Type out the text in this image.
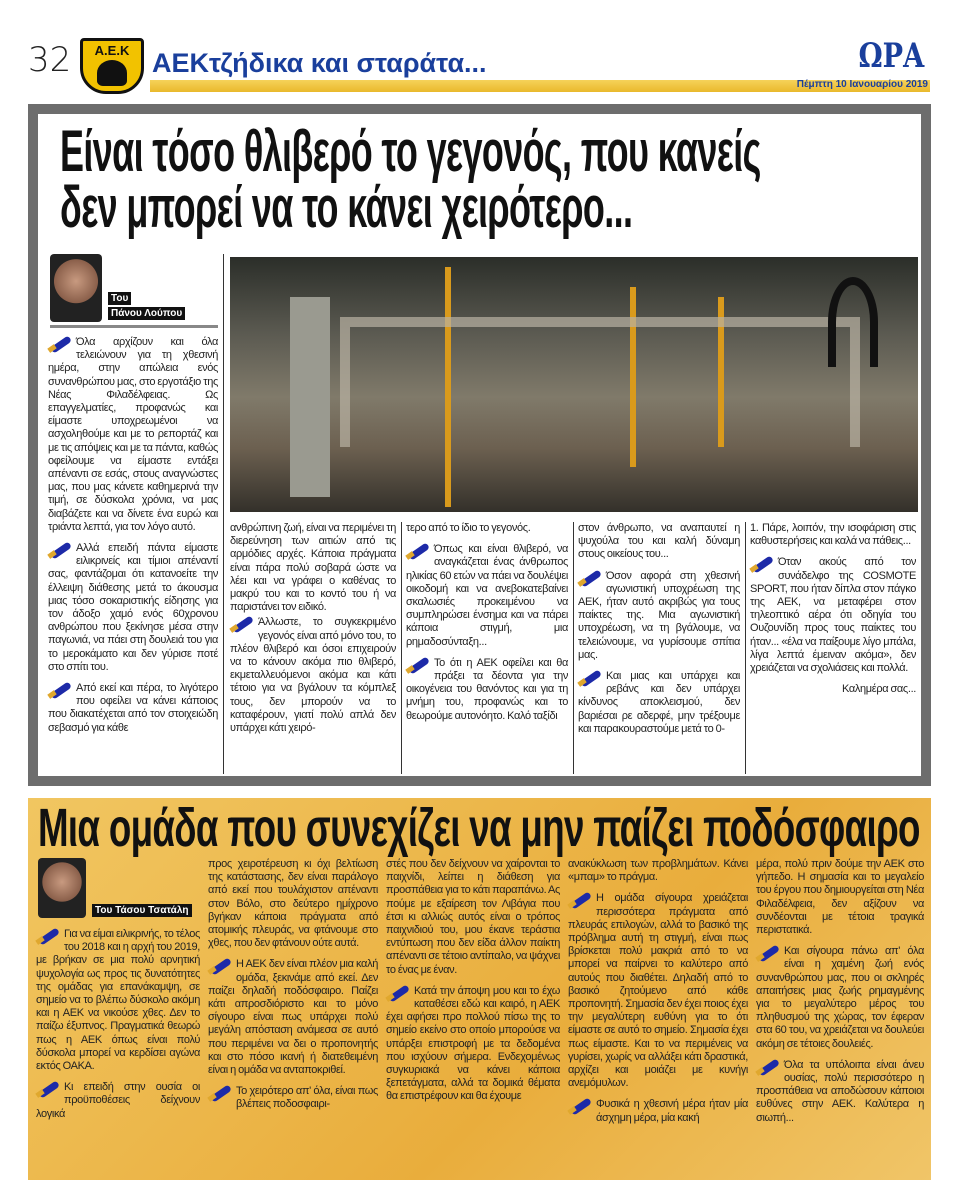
32	Α.Ε.Κ ΑΕΚτζήδικα και σταράτα...	ΩΡΑ
Πέμπτη 10 Ιανουαρίου 2019
Είναι τόσο θλιβερό το γεγονός, που κανείς
δεν μπορεί να το κάνει χειρότερο...
Του
Πάνου Λούπου

Όλα αρχίζουν και όλα τελειώνουν για τη χθεσινή ημέρα, στην απώλεια ενός συνανθρώπου μας, στο εργοτάξιο της Νέας Φιλαδέλφειας. Ως επαγγελματίες, προφανώς και είμαστε υποχρεωμένοι να ασχοληθούμε και με το ρεπορτάζ και με τις απόψεις και με τα πάντα, καθώς οφείλουμε να είμαστε εντάξει απέναντι σε εσάς, στους αναγνώστες μας, που μας κάνετε καθημερινά την τιμή, σε δύσκολα χρόνια, να μας διαβάζετε και να δίνετε ένα ευρώ και τριάντα λεπτά, για τον λόγο αυτό.

Αλλά επειδή πάντα είμαστε ειλικρινείς και τίμιοι απέναντί σας, φαντάζομαι ότι κατανοείτε την έλλειψη διάθεσης μετά το άκουσμα μιας τόσο σοκαριστικής είδησης για τον άδοξο χαμό ενός 60χρονου ανθρώπου που ξεκίνησε μέσα στην παγωνιά, να πάει στη δουλειά του για το μεροκάματο και δεν γύρισε ποτέ στο σπίτι του.

Από εκεί και πέρα, το λιγότερο που οφείλει να κάνει κάποιος που διακατέχεται από τον στοιχειώδη σεβασμό για κάθε

ανθρώπινη ζωή, είναι να περιμένει τη διερεύνηση των αιτιών από τις αρμόδιες αρχές. Κάποια πράγματα είναι πάρα πολύ σοβαρά ώστε να λέει και να γράφει ο καθένας το μακρύ του και το κοντό του ή να παριστάνει τον ειδικό.

Άλλωστε, το συγκεκριμένο γεγονός είναι από μόνο του, το πλέον θλιβερό και όσοι επιχειρούν να το κάνουν ακόμα πιο θλιβερό, εκμεταλλευόμενοι ακόμα και κάτι τέτοιο για να βγάλουν τα κόμπλεξ τους, δεν μπορούν να το καταφέρουν, γιατί πολύ απλά δεν υπάρχει κάτι χειρό-

τερο από το ίδιο το γεγονός.

Όπως και είναι θλιβερό, να αναγκάζεται ένας άνθρωπος ηλικίας 60 ετών να πάει να δουλέψει οικοδομή και να ανεβοκατεβαίνει σκαλωσιές προκειμένου να συμπληρώσει ένσημα και να πάρει κάποια στιγμή, μια ρημαδοσύνταξη...

Το ότι η ΑΕΚ οφείλει και θα πράξει τα δέοντα για την οικογένεια του θανόντος και για τη μνήμη του, προφανώς και το θεωρούμε αυτονόητο. Καλό ταξίδι

στον άνθρωπο, να αναπαυτεί η ψυχούλα του και καλή δύναμη στους οικείους του...

Όσον αφορά στη χθεσινή αγωνιστική υποχρέωση της ΑΕΚ, ήταν αυτό ακριβώς για τους παίκτες της. Μια αγωνιστική υποχρέωση, να τη βγάλουμε, να τελειώνουμε, να γυρίσουμε σπίτια μας.

Και μιας και υπάρχει και ρεβάνς και δεν υπάρχει κίνδυνος αποκλεισμού, δεν βαριέσαι ρε αδερφέ, μην τρέξουμε και παρακουραστούμε μετά το 0-

1. Πάρε, λοιπόν, την ισοφάριση στις καθυστερήσεις και καλά να πάθεις...

Όταν ακούς από τον συνάδελφο της COSMOTE SPORT, που ήταν δίπλα στον πάγκο της ΑΕΚ, να μεταφέρει στον τηλεοπτικό αέρα ότι οδηγία του Ουζουνίδη προς τους παίκτες του ήταν... «έλα να παίξουμε λίγο μπάλα, λίγα λεπτά έμειναν ακόμα», δεν χρειάζεται να σχολιάσεις και πολλά.

Καλημέρα σας...

Μια ομάδα που συνεχίζει να μην παίζει ποδόσφαιρο
Του Τάσου Τσατάλη

Για να είμαι ειλικρινής, το τέλος του 2018 και η αρχή του 2019, με βρήκαν σε μια πολύ αρνητική ψυχολογία ως προς τις δυνατότητες της ομάδας για επανάκαμψη, σε σημείο να το βλέπω δύσκολο ακόμη και η ΑΕΚ να νικούσε χθες. Δεν το παίζω έξυπνος. Πραγματικά θεωρώ πως η ΑΕΚ όπως είναι πολύ δύσκολα μπορεί να κερδίσει αγώνα εκτός ΟΑΚΑ.

Κι επειδή στην ουσία οι προϋποθέσεις δείχνουν λογικά

προς χειροτέρευση κι όχι βελτίωση της κατάστασης, δεν είναι παράλογο από εκεί που τουλάχιστον απέναντι στον Βόλο, στο δεύτερο ημίχρονο βγήκαν κάποια πράγματα από ατομικής πλευράς, να φτάνουμε στο χθες, που δεν φτάνουν ούτε αυτά.

Η ΑΕΚ δεν είναι πλέον μια καλή ομάδα, ξεκινάμε από εκεί. Δεν παίζει δηλαδή ποδόσφαιρο. Παίζει κάτι απροσδιόριστο και το μόνο σίγουρο είναι πως υπάρχει πολύ μεγάλη απόσταση ανάμεσα σε αυτό που περιμένει να δει ο προπονητής και στο πόσο ικανή ή διατεθειμένη είναι η ομάδα να ανταποκριθεί.

Το χειρότερο απ' όλα, είναι πως βλέπεις ποδοσφαιρι-

στές που δεν δείχνουν να χαίρονται το παιχνίδι, λείπει η διάθεση για προσπάθεια για το κάτι παραπάνω. Ας πούμε με εξαίρεση τον Λιβάγια που έτσι κι αλλιώς αυτός είναι ο τρόπος παιχνιδιού του, μου έκανε τεράστια εντύπωση που δεν είδα άλλον παίκτη απέναντι σε τέτοιο αντίπαλο, να ψάχνει το ένας με έναν.

Κατά την άποψη μου και το έχω καταθέσει εδώ και καιρό, η ΑΕΚ έχει αφήσει προ πολλού πίσω της το σημείο εκείνο στο οποίο μπορούσε να υπάρξει επιστροφή με τα δεδομένα που ισχύουν σήμερα. Ενδεχομένως συγκυριακά να κάνει κάποια ξεπετάγματα, αλλά τα δομικά θέματα θα επιστρέφουν και θα έχουμε

ανακύκλωση των προβλημάτων. Κάνει «μπαμ» το πράγμα.

Η ομάδα σίγουρα χρειάζεται περισσότερα πράγματα από πλευράς επιλογών, αλλά το βασικό της πρόβλημα αυτή τη στιγμή, είναι πως βρίσκεται πολύ μακριά από το να μπορεί να παίρνει το καλύτερο από αυτούς που διαθέτει. Δηλαδή από το βασικό ζητούμενο από κάθε προπονητή. Σημασία δεν έχει ποιος έχει την μεγαλύτερη ευθύνη για το ότι είμαστε σε αυτό το σημείο. Σημασία έχει πως είμαστε. Και το να περιμένεις να γυρίσει, χωρίς να αλλάξει κάτι δραστικά, αρχίζει και μοιάζει με κυνήγι ανεμόμυλων.

Φυσικά η χθεσινή μέρα ήταν μία άσχημη μέρα, μία κακή

μέρα, πολύ πριν δούμε την ΑΕΚ στο γήπεδο. Η σημασία και το μεγαλείο του έργου που δημιουργείται στη Νέα Φιλαδέλφεια, δεν αξίζουν να συνδέονται με τέτοια τραγικά περιστατικά.

Και σίγουρα πάνω απ' όλα είναι η χαμένη ζωή ενός συνανθρώπου μας, που οι σκληρές απαιτήσεις μιας ζωής ρημαγμένης για το μεγαλύτερο μέρος του πληθυσμού της χώρας, τον έφεραν στα 60 του, να χρειάζεται να δουλεύει ακόμη σε τέτοιες δουλειές.

Όλα τα υπόλοιπα είναι άνευ ουσίας, πολύ περισσότερο η προσπάθεια να αποδώσουν κάποιοι ευθύνες στην ΑΕΚ. Καλύτερα η σιωπή...
